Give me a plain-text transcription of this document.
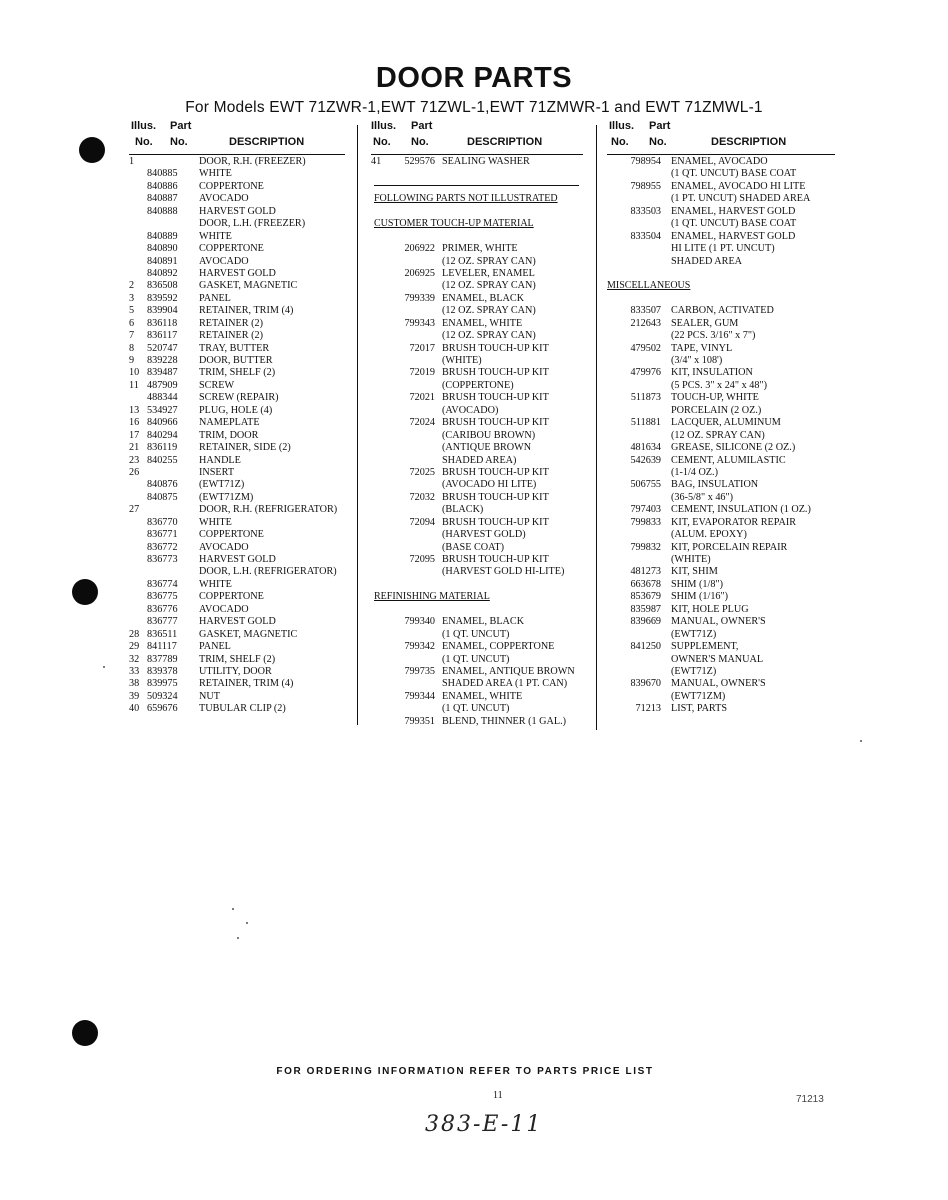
DOOR PARTS
For Models EWT 71ZWR-1,EWT 71ZWL-1,EWT 71ZMWR-1 and EWT 71ZMWL-1
Illus. Part
No. No.	DESCRIPTION
1	DOOR, R.H. (FREEZER)
840885 WHITE
840886 COPPERTONE
840887 AVOCADO
840888 HARVEST GOLD
DOOR, L.H. (FREEZER)
840889 WHITE
840890 COPPERTONE
840891 AVOCADO
840892 HARVEST GOLD
2 836508 GASKET, MAGNETIC
3 839592 PANEL
5 839904 RETAINER, TRIM (4)
6 836118 RETAINER (2)
7 836117 RETAINER (2)
8 520747 TRAY, BUTTER
9 839228 DOOR, BUTTER
10 839487 TRIM, SHELF (2)
11 487909 SCREW
488344 SCREW (REPAIR)
13 534927 PLUG, HOLE (4)
16 840966 NAMEPLATE
17 840294 TRIM, DOOR
21 836119 RETAINER, SIDE (2)
23 840255 HANDLE
26	INSERT
840876 (EWT71Z)
840875 (EWT71ZM)
27	DOOR, R.H. (REFRIGERATOR)
836770 WHITE
836771 COPPERTONE
836772 AVOCADO
836773 HARVEST GOLD
DOOR, L.H. (REFRIGERATOR)
836774 WHITE
836775 COPPERTONE
836776 AVOCADO
836777 HARVEST GOLD
28 836511 GASKET, MAGNETIC
29 841117 PANEL
32 837789 TRIM, SHELF (2)
33 839378 UTILITY, DOOR
38 839975 RETAINER, TRIM (4)
39 509324 NUT
40 659676 TUBULAR CLIP (2)
Illus. Part
No. No.	DESCRIPTION
41	529576 SEALING WASHER
FOLLOWING PARTS NOT ILLUSTRATED
CUSTOMER TOUCH-UP MATERIAL
206922 PRIMER, WHITE
(12 OZ. SPRAY CAN)
206925 LEVELER, ENAMEL
(12 OZ. SPRAY CAN)
799339 ENAMEL, BLACK
(12 OZ. SPRAY CAN)
799343 ENAMEL, WHITE
(12 OZ. SPRAY CAN)
72017 BRUSH TOUCH-UP KIT
(WHITE)
72019 BRUSH TOUCH-UP KIT
(COPPERTONE)
72021 BRUSH TOUCH-UP KIT
(AVOCADO)
72024 BRUSH TOUCH-UP KIT
(CARIBOU BROWN)
(ANTIQUE BROWN
SHADED AREA)
72025 BRUSH TOUCH-UP KIT
(AVOCADO HI LITE)
72032 BRUSH TOUCH-UP KIT
(BLACK)
72094 BRUSH TOUCH-UP KIT
(HARVEST GOLD)
(BASE COAT)
72095 BRUSH TOUCH-UP KIT
(HARVEST GOLD HI-LITE)
REFINISHING MATERIAL
799340 ENAMEL, BLACK
(1 QT. UNCUT)
799342 ENAMEL, COPPERTONE
(1 QT. UNCUT)
799735 ENAMEL, ANTIQUE BROWN
SHADED AREA (1 PT. CAN)
799344 ENAMEL, WHITE
(1 QT. UNCUT)
799351 BLEND, THINNER (1 GAL.)
Illus. Part
No. No.	DESCRIPTION
798954 ENAMEL, AVOCADO
(1 QT. UNCUT) BASE COAT
798955 ENAMEL, AVOCADO HI LITE
(1 PT. UNCUT) SHADED AREA
833503 ENAMEL, HARVEST GOLD
(1 QT. UNCUT) BASE COAT
833504 ENAMEL, HARVEST GOLD
HI LITE (1 PT. UNCUT)
SHADED AREA
MISCELLANEOUS
833507 CARBON, ACTIVATED
212643 SEALER, GUM
(22 PCS. 3/16" x 7")
479502 TAPE, VINYL
(3/4" x 108')
479976 KIT, INSULATION
(5 PCS. 3" x 24" x 48")
511873 TOUCH-UP, WHITE
PORCELAIN (2 OZ.)
511881 LACQUER, ALUMINUM
(12 OZ. SPRAY CAN)
481634 GREASE, SILICONE (2 OZ.)
542639 CEMENT, ALUMILASTIC
(1-1/4 OZ.)
506755 BAG, INSULATION
(36-5/8" x 46")
797403 CEMENT, INSULATION (1 OZ.)
799833 KIT, EVAPORATOR REPAIR
(ALUM. EPOXY)
799832 KIT, PORCELAIN REPAIR
(WHITE)
481273 KIT, SHIM
663678 SHIM (1/8")
853679 SHIM (1/16")
835987 KIT, HOLE PLUG
839669 MANUAL, OWNER'S
(EWT71Z)
841250 SUPPLEMENT,
OWNER'S MANUAL
(EWT71Z)
839670 MANUAL, OWNER'S
(EWT71ZM)
71213 LIST, PARTS
FOR ORDERING INFORMATION REFER TO PARTS PRICE LIST
11	71213
383-E-11
